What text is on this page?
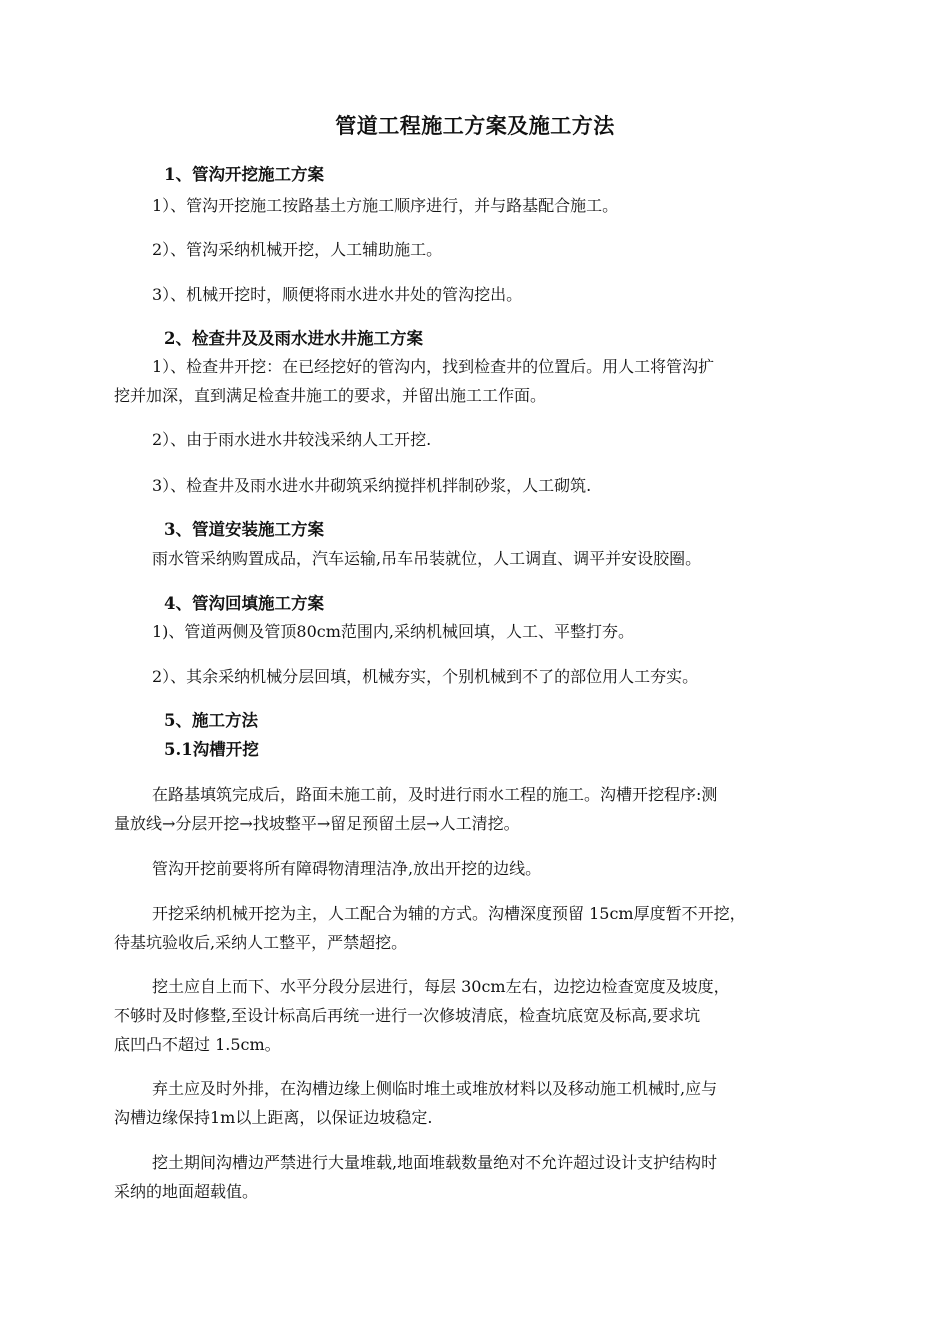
管道工程施工方案及施工方法
1、管沟开挖施工方案
1）、管沟开挖施工按路基土方施工顺序进行，并与路基配合施工。
2）、管沟采纳机械开挖，人工辅助施工。
3）、机械开挖时，顺便将雨水进水井处的管沟挖出。
2、检查井及及雨水进水井施工方案
1）、检查井开挖：在已经挖好的管沟内，找到检查井的位置后。用人工将管沟扩
挖并加深，直到满足检查井施工的要求，并留出施工工作面。
2）、由于雨水进水井较浅采纳人工开挖.
3）、检查井及雨水进水井砌筑采纳搅拌机拌制砂浆，人工砌筑.
3、管道安装施工方案
雨水管采纳购置成品，汽车运输,吊车吊装就位，人工调直、调平并安设胶圈。
4、管沟回填施工方案
1)、管道两侧及管顶80cm范围内,采纳机械回填，人工、平整打夯。
2）、其余采纳机械分层回填，机械夯实，个别机械到不了的部位用人工夯实。
5、施工方法
5.1沟槽开挖
在路基填筑完成后，路面未施工前，及时进行雨水工程的施工。沟槽开挖程序:测
量放线→分层开挖→找坡整平→留足预留土层→人工清挖。
管沟开挖前要将所有障碍物清理洁净,放出开挖的边线。
开挖采纳机械开挖为主，人工配合为辅的方式。沟槽深度预留 15cm厚度暂不开挖，
待基坑验收后,采纳人工整平，严禁超挖。
挖土应自上而下、水平分段分层进行，每层 30cm左右，边挖边检查宽度及坡度，
不够时及时修整,至设计标高后再统一进行一次修坡清底，检查坑底宽及标高,要求坑
底凹凸不超过 1.5cm。
弃土应及时外排，在沟槽边缘上侧临时堆土或堆放材料以及移动施工机械时,应与
沟槽边缘保持1m以上距离，以保证边坡稳定.
挖土期间沟槽边严禁进行大量堆载,地面堆载数量绝对不允许超过设计支护结构时
采纳的地面超载值。
